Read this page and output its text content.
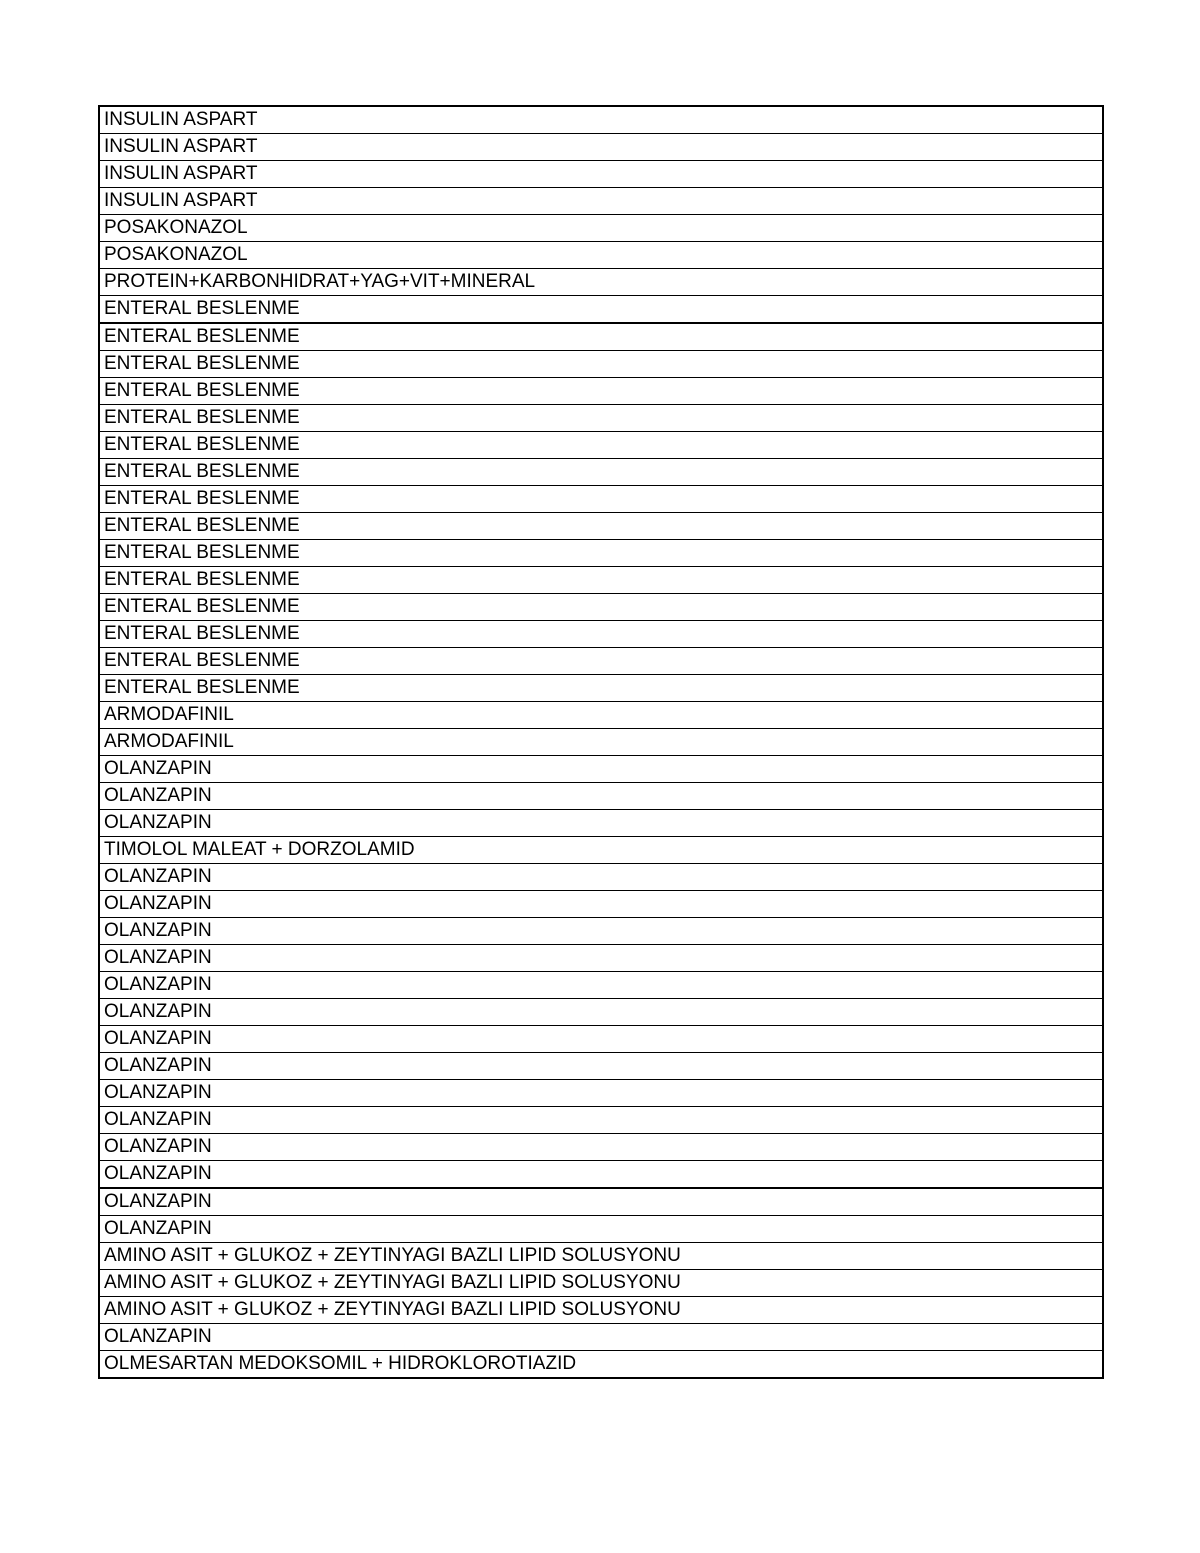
INSULIN ASPART
INSULIN ASPART
INSULIN ASPART
INSULIN ASPART
POSAKONAZOL
POSAKONAZOL
PROTEIN+KARBONHIDRAT+YAG+VIT+MINERAL
ENTERAL BESLENME
ENTERAL BESLENME
ENTERAL BESLENME
ENTERAL BESLENME
ENTERAL BESLENME
ENTERAL BESLENME
ENTERAL BESLENME
ENTERAL BESLENME
ENTERAL BESLENME
ENTERAL BESLENME
ENTERAL BESLENME
ENTERAL BESLENME
ENTERAL BESLENME
ENTERAL BESLENME
ENTERAL BESLENME
ARMODAFINIL
ARMODAFINIL
OLANZAPIN
OLANZAPIN
OLANZAPIN
TIMOLOL MALEAT + DORZOLAMID
OLANZAPIN
OLANZAPIN
OLANZAPIN
OLANZAPIN
OLANZAPIN
OLANZAPIN
OLANZAPIN
OLANZAPIN
OLANZAPIN
OLANZAPIN
OLANZAPIN
OLANZAPIN
OLANZAPIN
OLANZAPIN
AMINO ASIT + GLUKOZ + ZEYTINYAGI BAZLI LIPID SOLUSYONU
AMINO ASIT + GLUKOZ + ZEYTINYAGI BAZLI LIPID SOLUSYONU
AMINO ASIT + GLUKOZ + ZEYTINYAGI BAZLI LIPID SOLUSYONU
OLANZAPIN
OLMESARTAN MEDOKSOMIL + HIDROKLOROTIAZID
